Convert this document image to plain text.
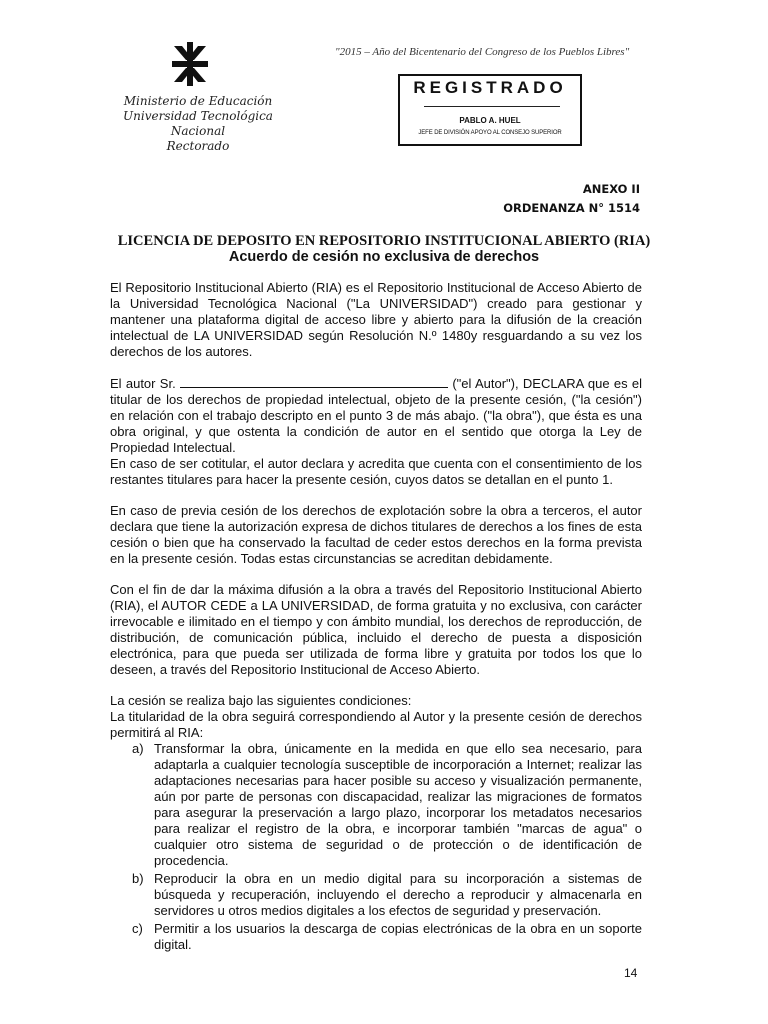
Ministerio de Educación
Universidad Tecnológica Nacional
Rectorado
"2015 – Año del Bicentenario del Congreso de los Pueblos Libres"
REGISTRADO
PABLO A. HUEL
JEFE DE DIVISIÓN APOYO AL CONSEJO SUPERIOR
ANEXO II
ORDENANZA N° 1514
LICENCIA DE DEPOSITO EN REPOSITORIO INSTITUCIONAL ABIERTO (RIA)
Acuerdo de cesión no exclusiva de derechos

El Repositorio Institucional Abierto (RIA) es el Repositorio Institucional de Acceso Abierto de la Universidad Tecnológica Nacional ("La UNIVERSIDAD") creado para gestionar y mantener una plataforma digital de acceso libre y abierto para la difusión de la creación intelectual de LA UNIVERSIDAD según Resolución N.º 1480y resguardando a su vez los derechos de los autores.

El autor Sr.	("el Autor"), DECLARA que es el titular de los derechos de propiedad intelectual, objeto de la presente cesión, ("la cesión") en relación con el trabajo descripto en el punto 3 de más abajo. ("la obra"), que ésta es una obra original, y que ostenta la condición de autor en el sentido que otorga la Ley de Propiedad Intelectual.

En caso de ser cotitular, el autor declara y acredita que cuenta con el consentimiento de los restantes titulares para hacer la presente cesión, cuyos datos se detallan en el punto 1.

En caso de previa cesión de los derechos de explotación sobre la obra a terceros, el autor declara que tiene la autorización expresa de dichos titulares de derechos a los fines de esta cesión o bien que ha conservado la facultad de ceder estos derechos en la forma prevista en la presente cesión. Todas estas circunstancias se acreditan debidamente.

Con el fin de dar la máxima difusión a la obra a través del Repositorio Institucional Abierto (RIA), el AUTOR CEDE a LA UNIVERSIDAD, de forma gratuita y no exclusiva, con carácter irrevocable e ilimitado en el tiempo y con ámbito mundial, los derechos de reproducción, de distribución, de comunicación pública, incluido el derecho de puesta a disposición electrónica, para que pueda ser utilizada de forma libre y gratuita por todos los que lo deseen, a través del Repositorio Institucional de Acceso Abierto.

La cesión se realiza bajo las siguientes condiciones:

La titularidad de la obra seguirá correspondiendo al Autor y la presente cesión de derechos permitirá al RIA:

a) Transformar la obra, únicamente en la medida en que ello sea necesario, para adaptarla a cualquier tecnología susceptible de incorporación a Internet; realizar las adaptaciones necesarias para hacer posible su acceso y visualización permanente, aún por parte de personas con discapacidad, realizar las migraciones de formatos para asegurar la preservación a largo plazo, incorporar los metadatos necesarios para realizar el registro de la obra, e incorporar también "marcas de agua" o cualquier otro sistema de seguridad o de protección o de identificación de procedencia.
b) Reproducir la obra en un medio digital para su incorporación a sistemas de búsqueda y recuperación, incluyendo el derecho a reproducir y almacenarla en servidores u otros medios digitales a los efectos de seguridad y preservación.
c) Permitir a los usuarios la descarga de copias electrónicas de la obra en un soporte digital.
14
